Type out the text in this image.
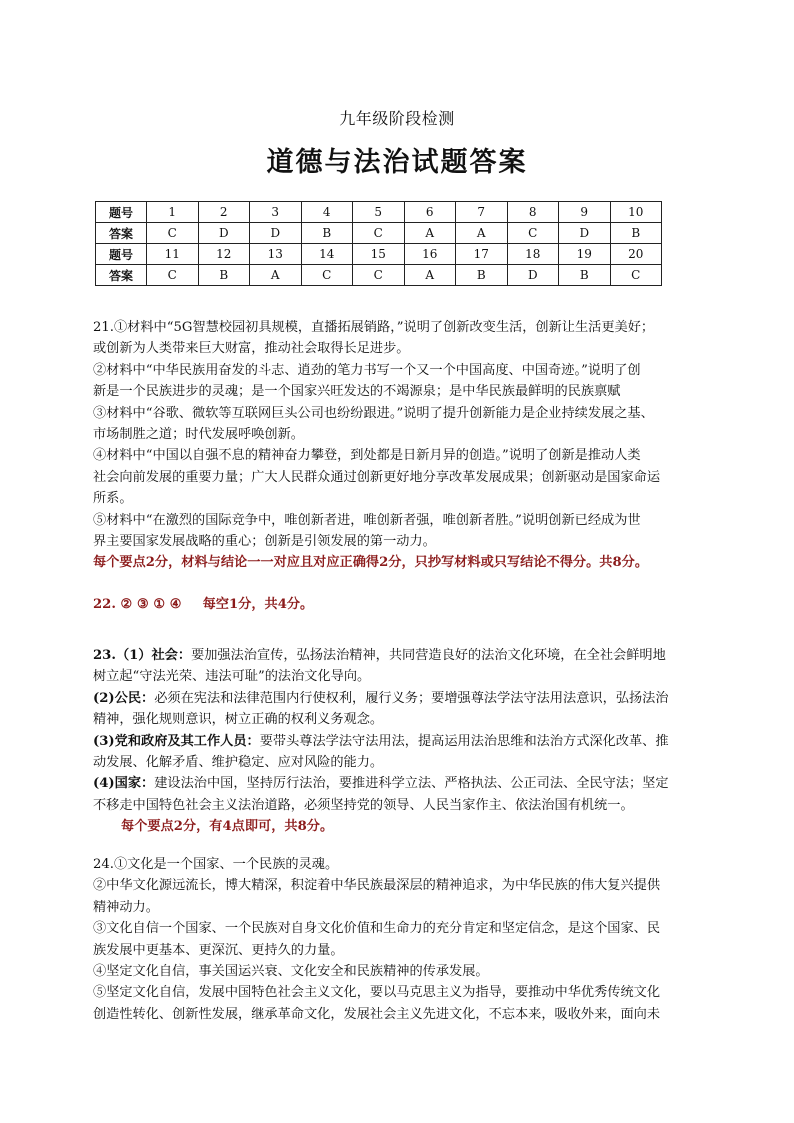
九年级阶段检测
道德与法治试题答案
题号	1	2	3	4	5	6	7	8	9	10
答案	C	D	D	B	C	A	A	C	D	B
题号	11	12	13	14	15	16	17	18	19	20
答案	C	B	A	C	C	A	B	D	B	C

21.①材料中“5G智慧校园初具规模，直播拓展销路，”说明了创新改变生活，创新让生活更美好；

或创新为人类带来巨大财富，推动社会取得长足进步。

②材料中“中华民族用奋发的斗志、逍劲的笔力书写一个又一个中国高度、中国奇迹。”说明了创

新是一个民族进步的灵魂；是一个国家兴旺发达的不竭源泉；是中华民族最鲜明的民族禀赋

③材料中“谷歌、微软等互联网巨头公司也纷纷跟进。”说明了提升创新能力是企业持续发展之基、

市场制胜之道；时代发展呼唤创新。

④材料中“中国以自强不息的精神奋力攀登，到处都是日新月异的创造。”说明了创新是推动人类

社会向前发展的重要力量；广大人民群众通过创新更好地分享改革发展成果；创新驱动是国家命运

所系。

⑤材料中“在激烈的国际竞争中，唯创新者进，唯创新者强，唯创新者胜。”说明创新已经成为世

界主要国家发展战略的重心；创新是引领发展的第一动力。

每个要点2分，材料与结论一一对应且对应正确得2分，只抄写材料或只写结论不得分。共8分。

22. ② ③ ① ④ 每空1分，共4分。

23.（1）社会：要加强法治宣传，弘扬法治精神，共同营造良好的法治文化环境，在全社会鲜明地

树立起“守法光荣、违法可耻”的法治文化导向。

(2)公民：必须在宪法和法律范围内行使权利，履行义务；要增强尊法学法守法用法意识，弘扬法治

精神，强化规则意识，树立正确的权利义务观念。

(3)党和政府及其工作人员：要带头尊法学法守法用法，提高运用法治思维和法治方式深化改革、推

动发展、化解矛盾、维护稳定、应对风险的能力。

(4)国家：建设法治中国，坚持厉行法治，要推进科学立法、严格执法、公正司法、全民守法；坚定

不移走中国特色社会主义法治道路，必须坚持党的领导、人民当家作主、依法治国有机统一。

每个要点2分，有4点即可，共8分。

24.①文化是一个国家、一个民族的灵魂。

②中华文化源远流长，博大精深，积淀着中华民族最深层的精神追求，为中华民族的伟大复兴提供

精神动力。

③文化自信一个国家、一个民族对自身文化价值和生命力的充分肯定和坚定信念，是这个国家、民

族发展中更基本、更深沉、更持久的力量。

④坚定文化自信，事关国运兴衰、文化安全和民族精神的传承发展。

⑤坚定文化自信，发展中国特色社会主义文化，要以马克思主义为指导，要推动中华优秀传统文化

创造性转化、创新性发展，继承革命文化，发展社会主义先进文化，不忘本来，吸收外来，面向未
